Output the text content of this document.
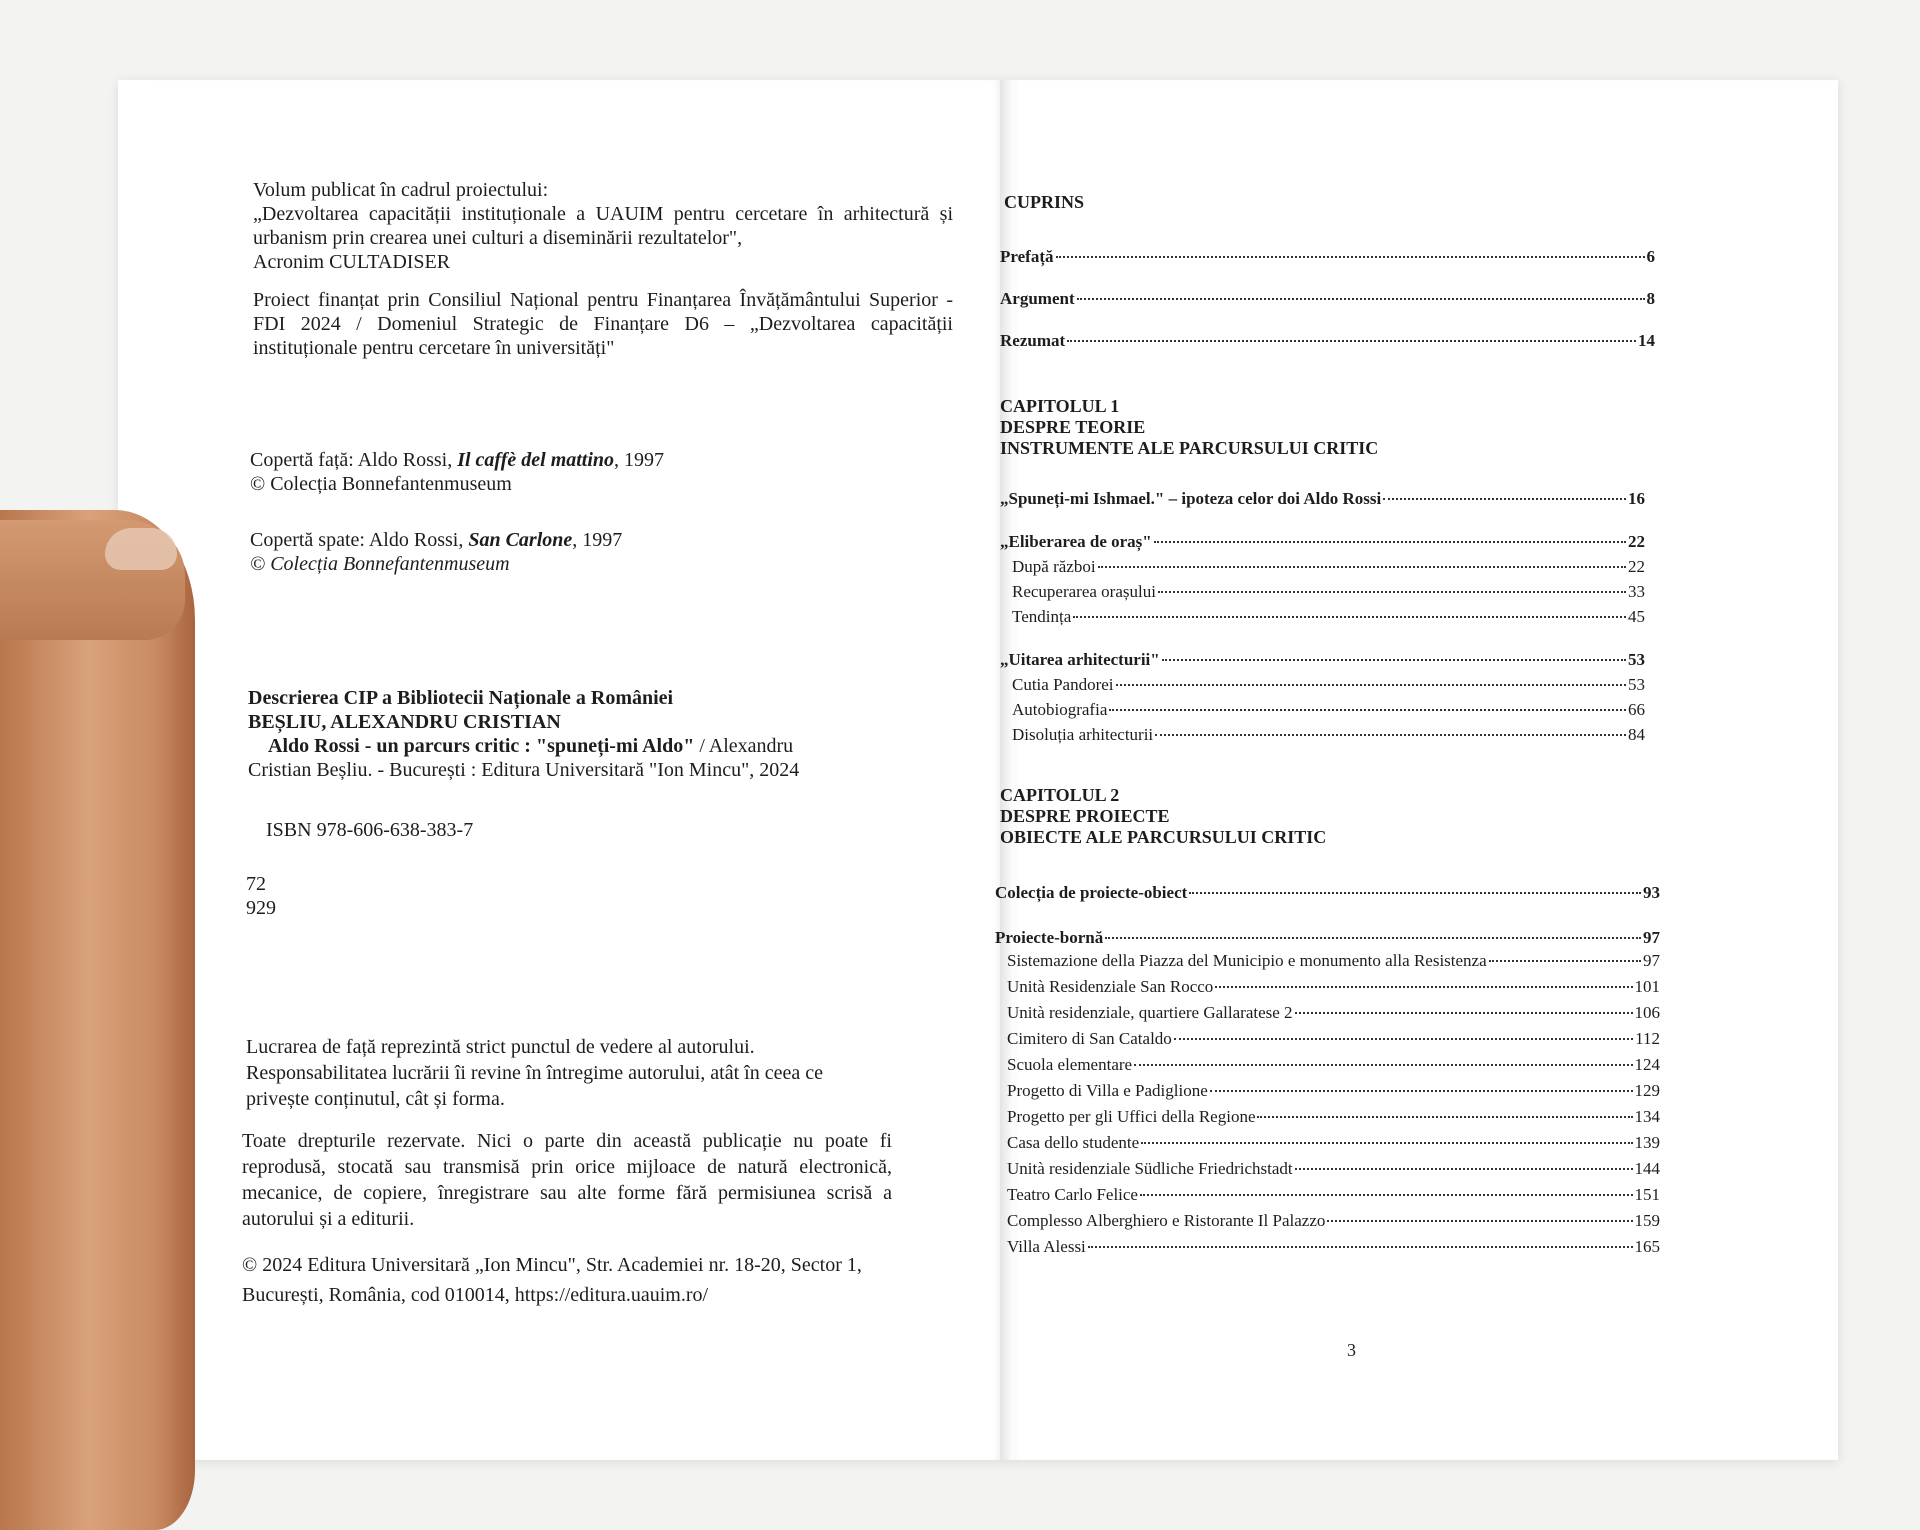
Volum publicat în cadrul proiectului:

„Dezvoltarea capacității instituționale a UAUIM pentru cercetare în arhitectură și urbanism prin crearea unei culturi a diseminării rezultatelor",

Acronim CULTADISER

Proiect finanțat prin Consiliul Național pentru Finanțarea Învățământului Superior - FDI 2024 / Domeniul Strategic de Finanțare D6 – „Dezvoltarea capacității instituționale pentru cercetare în universități"

Copertă față: Aldo Rossi, Il caffè del mattino, 1997

© Colecția Bonnefantenmuseum

Copertă spate: Aldo Rossi, San Carlone, 1997

© Colecția Bonnefantenmuseum

Descrierea CIP a Bibliotecii Naționale a României

BEȘLIU, ALEXANDRU CRISTIAN

Aldo Rossi - un parcurs critic : "spuneți-mi Aldo" / Alexandru

Cristian Beșliu. - București : Editura Universitară "Ion Mincu", 2024

ISBN 978-606-638-383-7

72

929

Lucrarea de față reprezintă strict punctul de vedere al autorului. Responsabilitatea lucrării îi revine în întregime autorului, atât în ceea ce privește conținutul, cât și forma.

Toate drepturile rezervate. Nici o parte din această publicație nu poate fi reprodusă, stocată sau transmisă prin orice mijloace de natură electronică, mecanice, de copiere, înregistrare sau alte forme fără permisiunea scrisă a autorului și a editurii.

© 2024 Editura Universitară „Ion Mincu", Str. Academiei nr. 18-20, Sector 1, București, România, cod 010014, https://editura.uauim.ro/

CUPRINS
Prefață	6
Argument	8
Rezumat	14
CAPITOLUL 1
DESPRE TEORIE
INSTRUMENTE ALE PARCURSULUI CRITIC
„Spuneți-mi Ishmael." – ipoteza celor doi Aldo Rossi	16
„Eliberarea de oraș"	22
După război	22
Recuperarea orașului	33
Tendința	45
„Uitarea arhitecturii"	53
Cutia Pandorei	53
Autobiografia	66
Disoluția arhitecturii	84
CAPITOLUL 2
DESPRE PROIECTE
OBIECTE ALE PARCURSULUI CRITIC
Colecția de proiecte-obiect	93
Proiecte-bornă	97
Sistemazione della Piazza del Municipio e monumento alla Resistenza	97
Unità Residenziale San Rocco	101
Unità residenziale, quartiere Gallaratese 2	106
Cimitero di San Cataldo	112
Scuola elementare	124
Progetto di Villa e Padiglione	129
Progetto per gli Uffici della Regione	134
Casa dello studente	139
Unità residenziale Südliche Friedrichstadt	144
Teatro Carlo Felice	151
Complesso Alberghiero e Ristorante Il Palazzo	159
Villa Alessi	165
3
